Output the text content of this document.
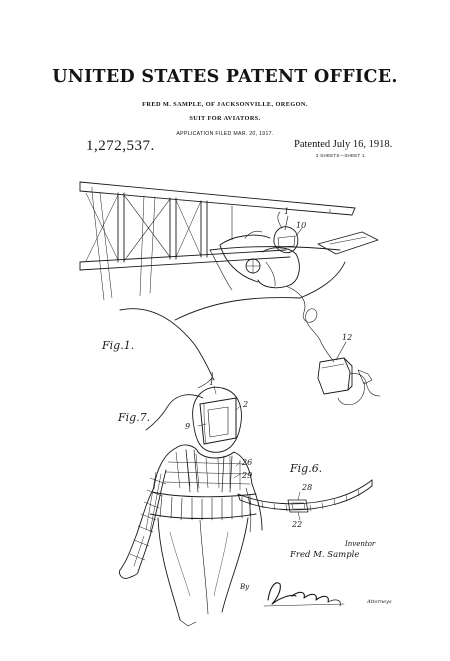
UNITED STATES PATENT OFFICE.
FRED M. SAMPLE, OF JACKSONVILLE, OREGON.
SUIT FOR AVIATORS.
APPLICATION FILED MAR. 20, 1917.
1,272,537.	Patented July 16, 1918.
2 SHEETS—SHEET 1.
Fig.1.
1
10
12
Fig.7.
1
2
9
26
29
Fig.6.
28
22
Inventor
Fred M. Sample
By
Attorneys
